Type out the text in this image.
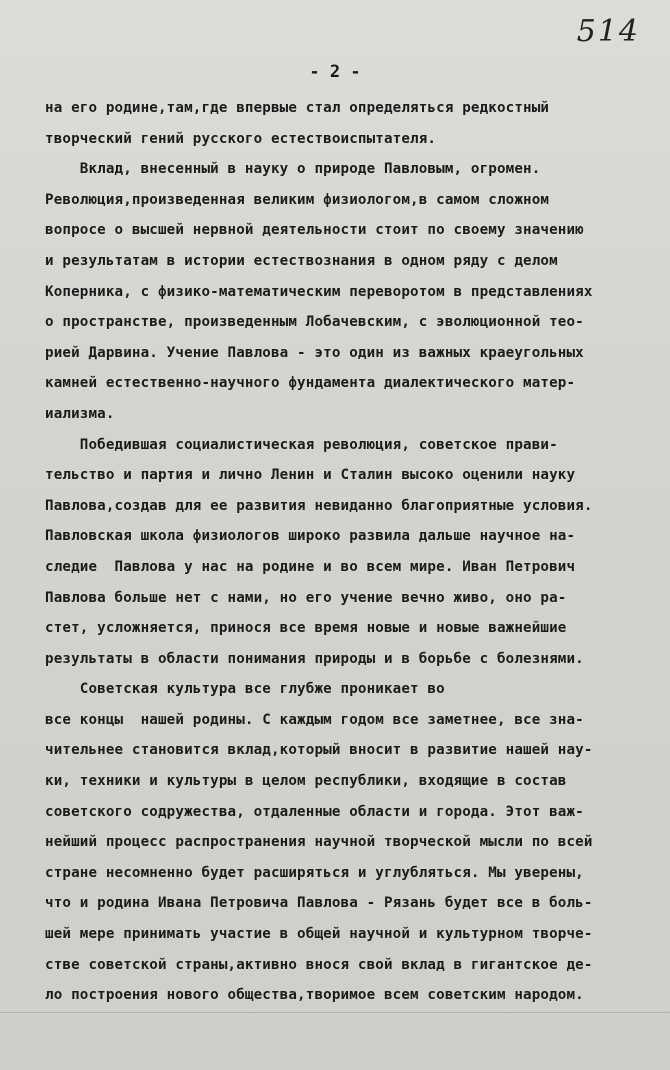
514
- 2 -
на его родине,там,где впервые стал определяться редкостный
творческий гений русского естествоиспытателя.
Вклад, внесенный в науку о природе Павловым, огромен.
Революция,произведенная великим физиологом,в самом сложном
вопросе о высшей нервной деятельности стоит по своему значению
и результатам в истории естествознания в одном ряду с делом
Коперника, с физико-математическим переворотом в представлениях
о пространстве, произведенным Лобачевским, с эволюционной тео-
рией Дарвина. Учение Павлова - это один из важных краеугольных
камней естественно-научного фундамента диалектического матер-
иализма.
Победившая социалистическая революция, советское прави-
тельство и партия и лично Ленин и Сталин высоко оценили науку
Павлова,создав для ее развития невиданно благоприятные условия.
Павловская школа физиологов широко развила дальше научное на-
следие  Павлова у нас на родине и во всем мире. Иван Петрович
Павлова больше нет с нами, но его учение вечно живо, оно ра-
стет, усложняется, принося все время новые и новые важнейшие
результаты в области понимания природы и в борьбе с болезнями.
Советская культура все глубже проникает во
все концы  нашей родины. С каждым годом все заметнее, все зна-
чительнее становится вклад,который вносит в развитие нашей нау-
ки, техники и культуры в целом республики, входящие в состав
советского содружества, отдаленные области и города. Этот важ-
нейший процесс распространения научной творческой мысли по всей
стране несомненно будет расширяться и углубляться. Мы уверены,
что и родина Ивана Петровича Павлова - Рязань будет все в боль-
шей мере принимать участие в общей научной и культурном творче-
стве советской страны,активно внося свой вклад в гигантское де-
ло построения нового общества,творимое всем советским народом.
